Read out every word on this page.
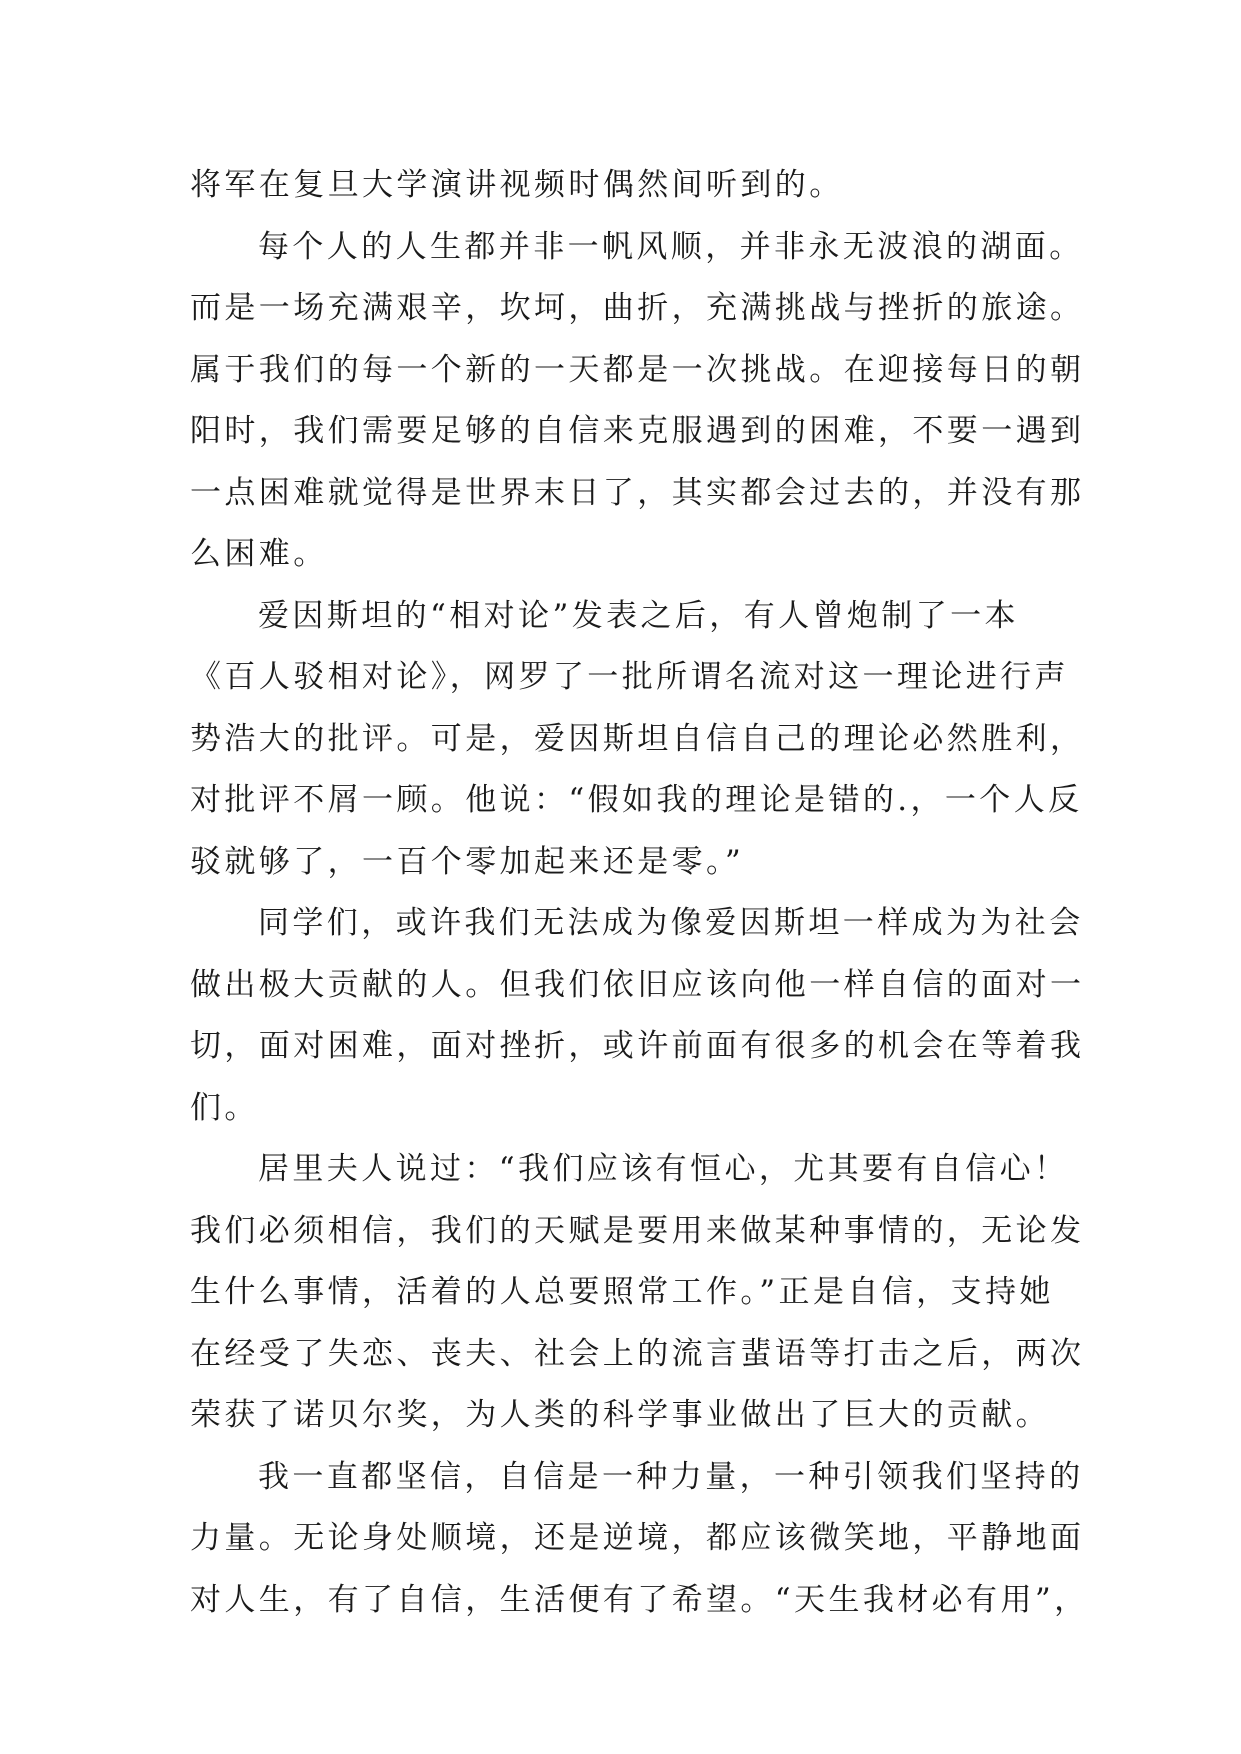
将军在复旦大学演讲视频时偶然间听到的。
每个人的人生都并非一帆风顺，并非永无波浪的湖面。
而是一场充满艰辛，坎坷，曲折，充满挑战与挫折的旅途。
属于我们的每一个新的一天都是一次挑战。在迎接每日的朝
阳时，我们需要足够的自信来克服遇到的困难，不要一遇到
一点困难就觉得是世界末日了，其实都会过去的，并没有那
么困难。
爱因斯坦的“相对论”发表之后，有人曾炮制了一本
《百人驳相对论》，网罗了一批所谓名流对这一理论进行声
势浩大的批评。可是，爱因斯坦自信自己的理论必然胜利，
对批评不屑一顾。他说：“假如我的理论是错的.，一个人反
驳就够了，一百个零加起来还是零。”
同学们，或许我们无法成为像爱因斯坦一样成为为社会
做出极大贡献的人。但我们依旧应该向他一样自信的面对一
切，面对困难，面对挫折，或许前面有很多的机会在等着我
们。
居里夫人说过：“我们应该有恒心，尤其要有自信心！
我们必须相信，我们的天赋是要用来做某种事情的，无论发
生什么事情，活着的人总要照常工作。”正是自信，支持她
在经受了失恋、丧夫、社会上的流言蜚语等打击之后，两次
荣获了诺贝尔奖，为人类的科学事业做出了巨大的贡献。
我一直都坚信，自信是一种力量，一种引领我们坚持的
力量。无论身处顺境，还是逆境，都应该微笑地，平静地面
对人生，有了自信，生活便有了希望。“天生我材必有用”，
